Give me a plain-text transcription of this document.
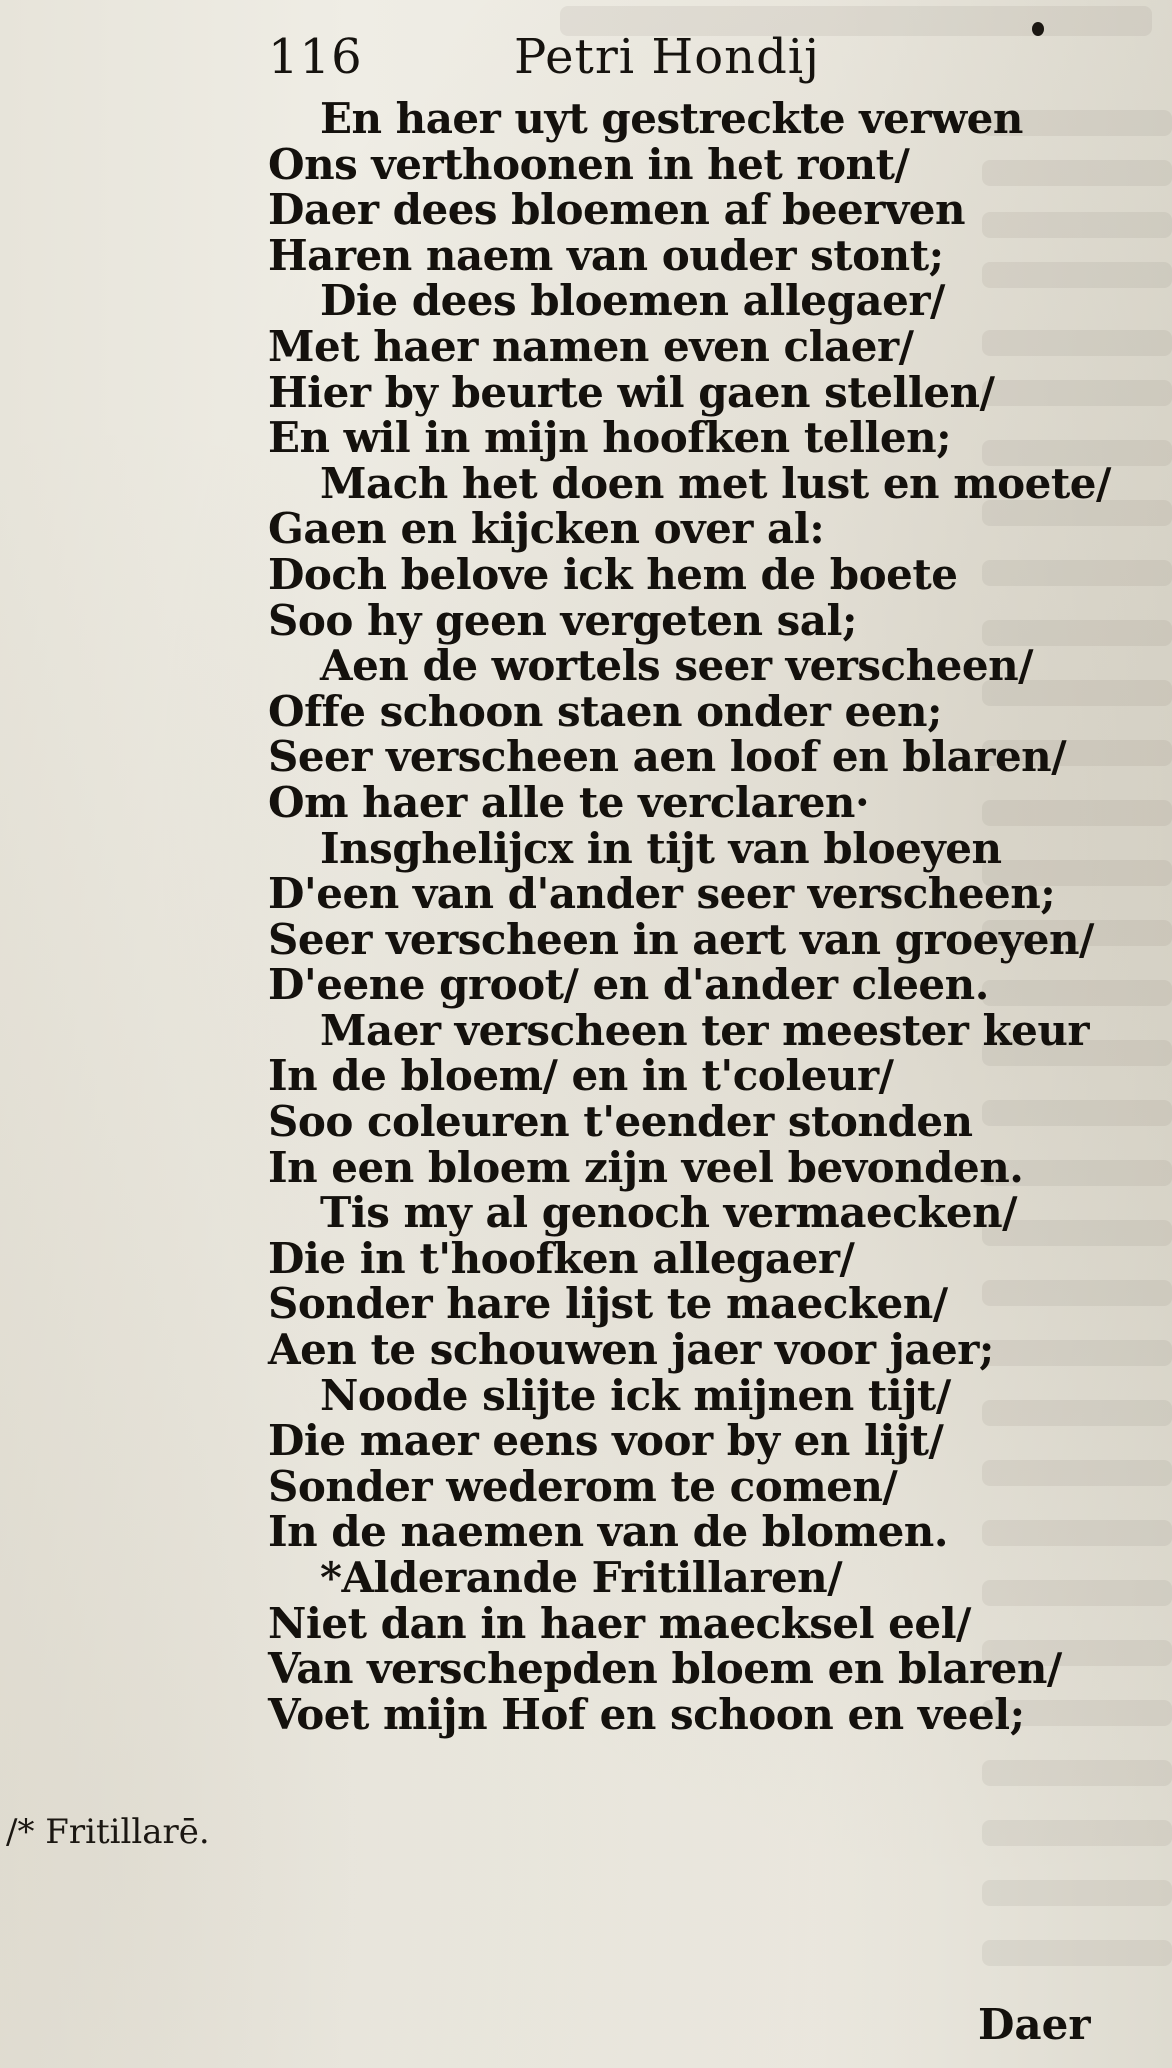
116	Petri Hondij
En haer uyt gestreckte verwen
Ons verthoonen in het ront/
Daer dees bloemen af beerven
Haren naem van ouder stont;
Die dees bloemen allegaer/
Met haer namen even claer/
Hier by beurte wil gaen stellen/
En wil in mijn hoofken tellen;
Mach het doen met lust en moete/
Gaen en kijcken over al:
Doch belove ick hem de boete
Soo hy geen vergeten sal;
Aen de wortels seer verscheen/
Offe schoon staen onder een;
Seer verscheen aen loof en blaren/
Om haer alle te verclaren·
Insghelijcx in tijt van bloeyen
D'een van d'ander seer verscheen;
Seer verscheen in aert van groeyen/
D'eene groot/ en d'ander cleen.
Maer verscheen ter meester keur
In de bloem/ en in t'coleur/
Soo coleuren t'eender stonden
In een bloem zijn veel bevonden.
Tis my al genoch vermaecken/
Die in t'hoofken allegaer/
Sonder hare lijst te maecken/
Aen te schouwen jaer voor jaer;
Noode slijte ick mijnen tijt/
Die maer eens voor by en lijt/
Sonder wederom te comen/
In de naemen van de blomen.
*Alderande Fritillaren/
Niet dan in haer maecksel eel/
Van verschepden bloem en blaren/
Voet mijn Hof en schoon en veel;
/* Fritillarē.
Daer
